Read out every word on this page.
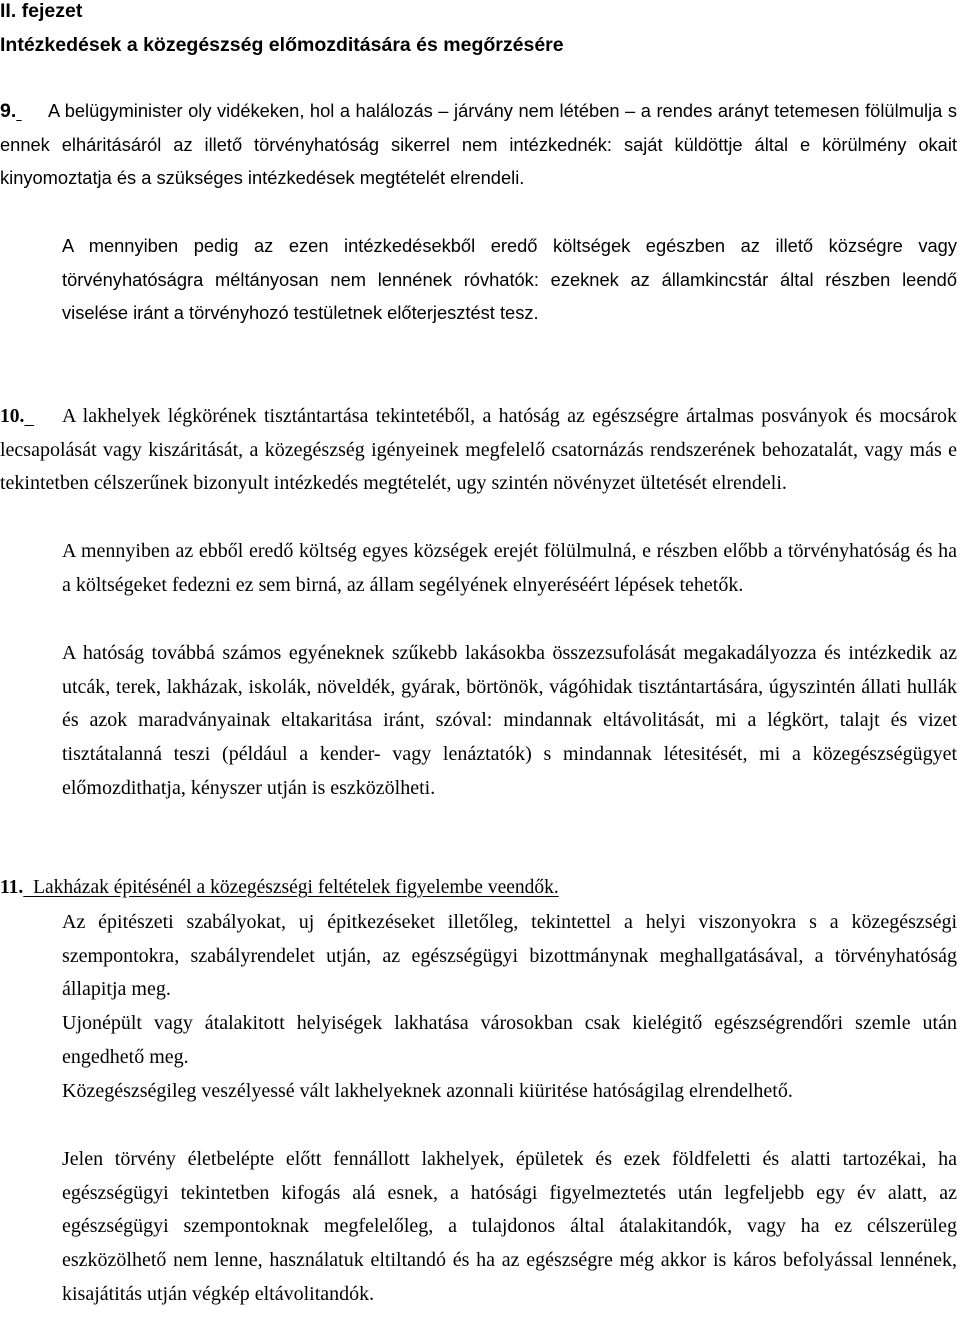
II. fejezet
Intézkedések a közegészség előmozditására és megőrzésére
9.	A belügyminister oly vidékeken, hol a halálozás – járvány nem létében – a rendes arányt tetemesen fölülmulja s ennek elháritásáról az illető törvényhatóság sikerrel nem intézkednék: saját küldöttje által e körülmény okait kinyomoztatja és a szükséges intézkedések megtételét elrendeli.

A mennyiben pedig az ezen intézkedésekből eredő költségek egészben az illető községre vagy törvényhatóságra méltányosan nem lennének róvhatók: ezeknek az államkincstár által részben leendő viselése iránt a törvényhozó testületnek előterjesztést tesz.

10.	A lakhelyek légkörének tisztántartása tekintetéből, a hatóság az egészségre ártalmas posványok és mocsárok lecsapolását vagy kiszáritását, a közegészség igényeinek megfelelő csatornázás rendszerének behozatalát, vagy más e tekintetben célszerűnek bizonyult intézkedés megtételét, ugy szintén növényzet ültetését elrendeli.

A mennyiben az ebből eredő költség egyes községek erejét fölülmulná, e részben előbb a törvényhatóság és ha a költségeket fedezni ez sem birná, az állam segélyének elnyeréséért lépések tehetők.

A hatóság továbbá számos egyéneknek szűkebb lakásokba összezsufolását megakadályozza és intézkedik az utcák, terek, lakházak, iskolák, növeldék, gyárak, börtönök, vágóhidak tisztántartására, úgyszintén állati hullák és azok maradványainak eltakaritása iránt, szóval: mindannak eltávolitását, mi a légkört, talajt és vizet tisztátalanná teszi (például a kender- vagy lenáztatók) s mindannak létesitését, mi a közegészségügyet előmozdithatja, kényszer utján is eszközölheti.

11. Lakházak épitésénél a közegészségi feltételek figyelembe veendők.

Az épitészeti szabályokat, uj épitkezéseket illetőleg, tekintettel a helyi viszonyokra s a közegészségi szempontokra, szabályrendelet utján, az egészségügyi bizottmánynak meghallgatásával, a törvényhatóság állapitja meg.

Ujonépült vagy átalakitott helyiségek lakhatása városokban csak kielégitő egészségrendőri szemle után engedhető meg.

Közegészségileg veszélyessé vált lakhelyeknek azonnali kiüritése hatóságilag elrendelhető.

Jelen törvény életbelépte előtt fennállott lakhelyek, épületek és ezek földfeletti és alatti tartozékai, ha egészségügyi tekintetben kifogás alá esnek, a hatósági figyelmeztetés után legfeljebb egy év alatt, az egészségügyi szempontoknak megfelelőleg, a tulajdonos által átalakitandók, vagy ha ez célszerüleg eszközölhető nem lenne, használatuk eltiltandó és ha az egészségre még akkor is káros befolyással lennének, kisajátitás utján végkép eltávolitandók.
